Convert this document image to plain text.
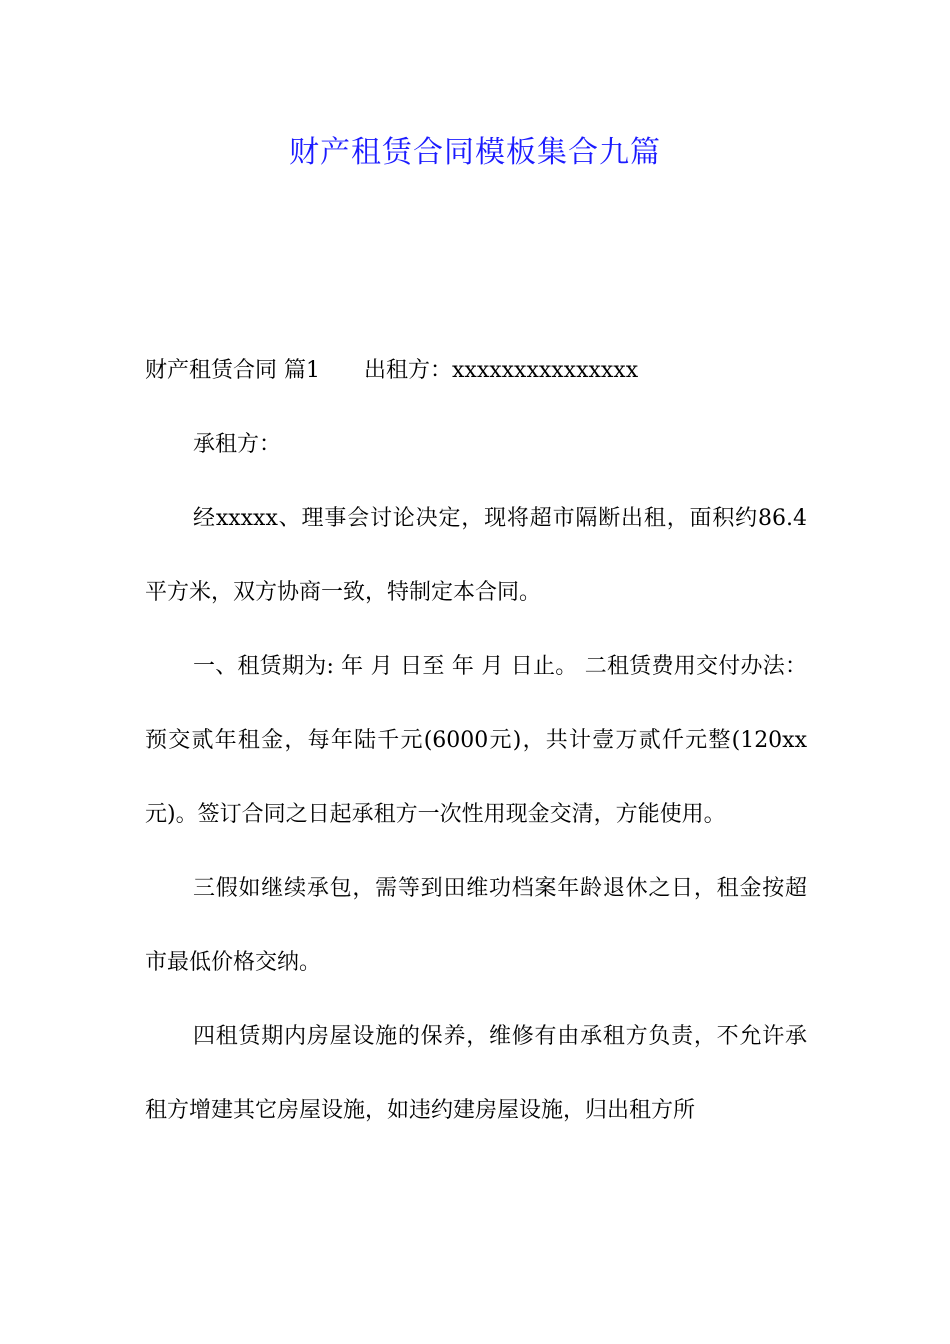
财产租赁合同模板集合九篇

财产租赁合同 篇1 出租方：xxxxxxxxxxxxxxx

承租方：

经xxxxx、理事会讨论决定，现将超市隔断出租，面积约86.4平方米，双方协商一致，特制定本合同。

一、租赁期为: 年 月 日至 年 月 日止。 二租赁费用交付办法：预交贰年租金，每年陆千元(6000元)，共计壹万贰仟元整(120xx元)。签订合同之日起承租方一次性用现金交清，方能使用。

三假如继续承包，需等到田维功档案年龄退休之日，租金按超市最低价格交纳。

四租赁期内房屋设施的保养，维修有由承租方负责，不允许承租方增建其它房屋设施，如违约建房屋设施，归出租方所
